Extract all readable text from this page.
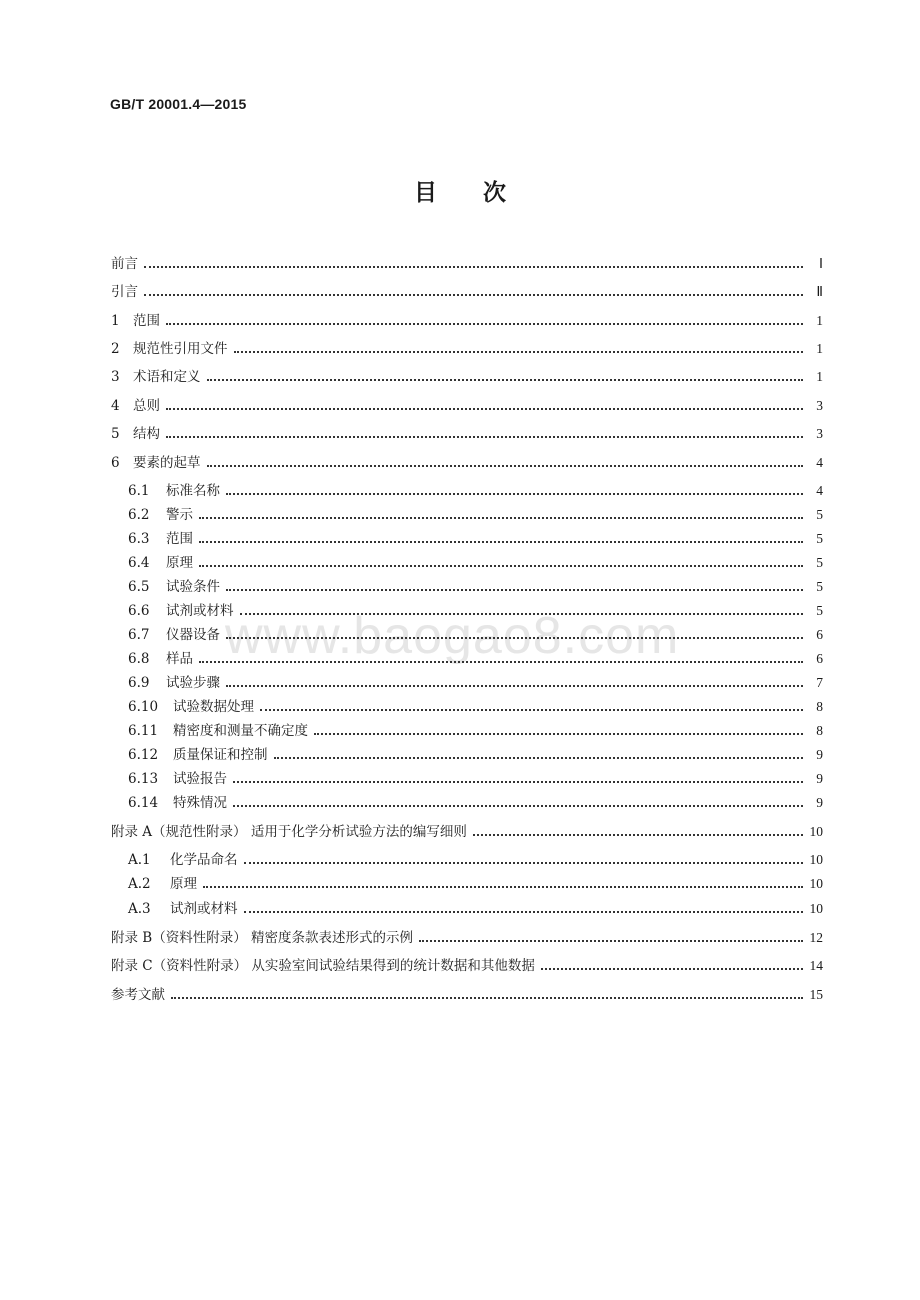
GB/T 20001.4—2015
目 次
www.baogao8.com
前言	Ⅰ
引言	Ⅱ
1 范围	1
2 规范性引用文件	1
3 术语和定义	1
4 总则	3
5 结构	3
6 要素的起草	4
6.1	标准名称	4
6.2	警示	5
6.3	范围	5
6.4	原理	5
6.5	试验条件	5
6.6	试剂或材料	5
6.7	仪器设备	6
6.8	样品	6
6.9	试验步骤	7
6.10	试验数据处理	8
6.11	精密度和测量不确定度	8
6.12	质量保证和控制	9
6.13	试验报告	9
6.14	特殊情况	9
附录 A（规范性附录） 适用于化学分析试验方法的编写细则	10
A.1	化学品命名	10
A.2	原理	10
A.3	试剂或材料	10
附录 B（资料性附录） 精密度条款表述形式的示例	12
附录 C（资料性附录） 从实验室间试验结果得到的统计数据和其他数据	14
参考文献	15
